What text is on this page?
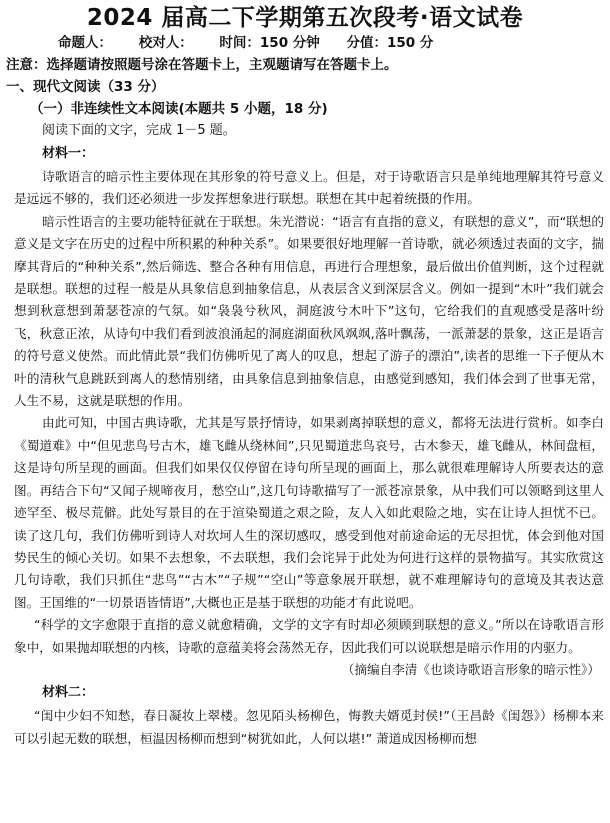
2024 届高二下学期第五次段考·语文试卷
命题人： 校对人： 时间：150 分钟 分值：150 分
注意：选择题请按照题号涂在答题卡上，主观题请写在答题卡上。
一、现代文阅读（33 分）
（一）非连续性文本阅读(本题共 5 小题，18 分)
阅读下面的文字，完成 1－5 题。
材料一：

诗歌语言的暗示性主要体现在其形象的符号意义上。但是，对于诗歌语言只是单纯地理解其符号意义是远远不够的，我们还必须进一步发挥想象进行联想。联想在其中起着统摄的作用。

暗示性语言的主要功能特征就在于联想。朱光潜说：“语言有直指的意义，有联想的意义”，而“联想的意义是文字在历史的过程中所积累的种种关系”。如果要很好地理解一首诗歌，就必须透过表面的文字，揣摩其背后的“种种关系”,然后筛选、整合各种有用信息，再进行合理想象，最后做出价值判断，这个过程就是联想。联想的过程一般是从具象信息到抽象信息，从表层含义到深层含义。例如一提到“木叶”我们就会想到秋意想到萧瑟苍凉的气氛。如“袅袅兮秋风，洞庭波兮木叶下”这句，它给我们的直观感受是落叶纷飞，秋意正浓，从诗句中我们看到波浪涌起的洞庭湖面秋风飒飒,落叶飘荡，一派萧瑟的景象，这正是语言的符号意义使然。而此情此景“我们仿佛听见了离人的叹息，想起了游子的漂泊”,读者的思维一下子便从木叶的清秋气息跳跃到离人的愁情别绪，由具象信息到抽象信息，由感觉到感知，我们体会到了世事无常，人生不易，这就是联想的作用。

由此可知，中国古典诗歌，尤其是写景抒情诗，如果剥离掉联想的意义，都将无法进行赏析。如李白《蜀道难》中“但见悲鸟号古木，雄飞雌从绕林间”,只见蜀道悲鸟哀号，古木参天，雄飞雌从，林间盘桓，这是诗句所呈现的画面。但我们如果仅仅停留在诗句所呈现的画面上，那么就很难理解诗人所要表达的意图。再结合下句“又闻子规啼夜月，愁空山”,这几句诗歌描写了一派苍凉景象，从中我们可以领略到这里人迹罕至、极尽荒僻。此处写景目的在于渲染蜀道之艰之险，友人入如此艰险之地，实在让诗人担忧不已。读了这几句，我们仿佛听到诗人对坎坷人生的深切感叹，感受到他对前途命运的无尽担忧，体会到他对国势民生的倾心关切。如果不去想象，不去联想，我们会诧异于此处为何进行这样的景物描写。其实欣赏这几句诗歌，我们只抓住“悲鸟”“古木”“子规”“空山”等意象展开联想，就不难理解诗句的意境及其表达意图。王国维的“一切景语皆情语”,大概也正是基于联想的功能才有此说吧。

“科学的文字愈限于直指的意义就愈精确，文学的文字有时却必须顾到联想的意义。”所以在诗歌语言形象中，如果抛却联想的内核，诗歌的意蕴美将会荡然无存，因此我们可以说联想是暗示作用的内驱力。

（摘编自李清《也谈诗歌语言形象的暗示性》）
材料二：

“闺中少妇不知愁，春日凝妆上翠楼。忽见陌头杨柳色，悔教夫婿觅封侯!”（王昌龄《闺怨》）杨柳本来可以引起无数的联想，桓温因杨柳而想到“树犹如此，人何以堪!” 萧道成因杨柳而想
